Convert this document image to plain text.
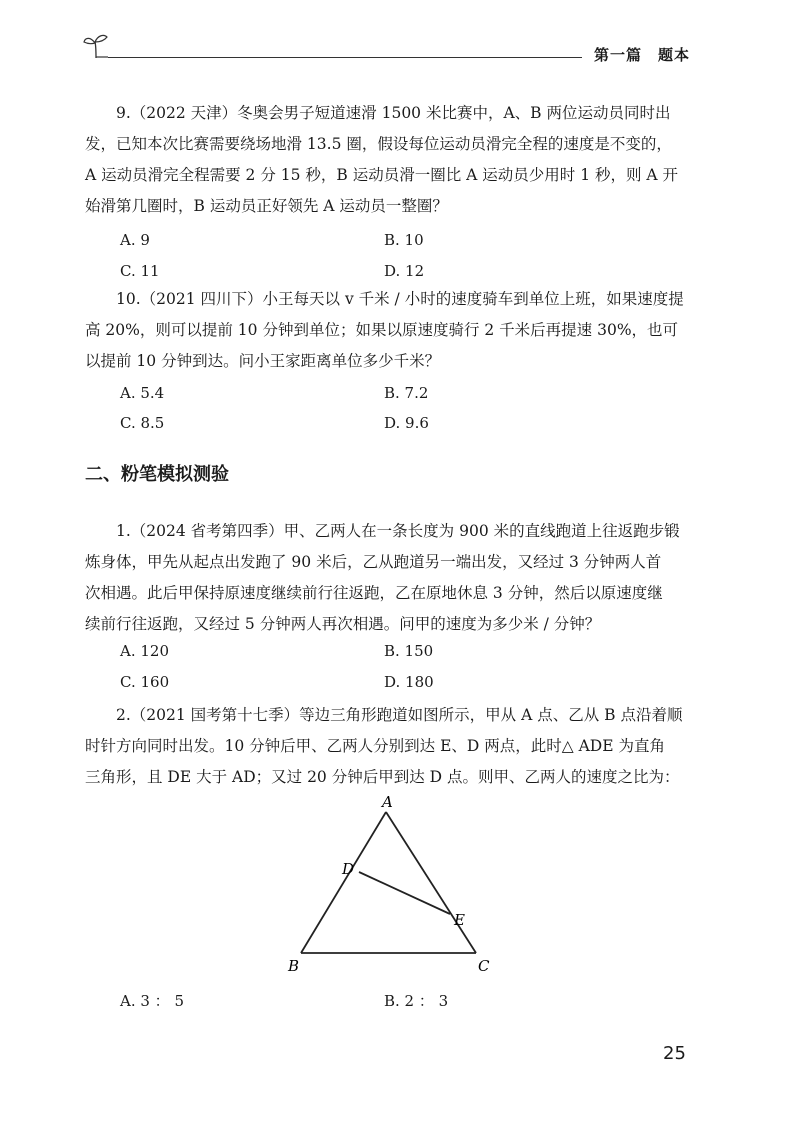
第一篇　题本
9.（2022 天津）冬奥会男子短道速滑 1500 米比赛中，A、B 两位运动员同时出
发，已知本次比赛需要绕场地滑 13.5 圈，假设每位运动员滑完全程的速度是不变的，
A 运动员滑完全程需要 2 分 15 秒，B 运动员滑一圈比 A 运动员少用时 1 秒，则 A 开
始滑第几圈时，B 运动员正好领先 A 运动员一整圈？
A. 9	B. 10
C. 11	D. 12
10.（2021 四川下）小王每天以 v 千米 / 小时的速度骑车到单位上班，如果速度提
高 20%，则可以提前 10 分钟到单位；如果以原速度骑行 2 千米后再提速 30%，也可
以提前 10 分钟到达。问小王家距离单位多少千米？
A. 5.4	B. 7.2
C. 8.5	D. 9.6
二、粉笔模拟测验
1.（2024 省考第四季）甲、乙两人在一条长度为 900 米的直线跑道上往返跑步锻
炼身体，甲先从起点出发跑了 90 米后，乙从跑道另一端出发，又经过 3 分钟两人首
次相遇。此后甲保持原速度继续前行往返跑，乙在原地休息 3 分钟，然后以原速度继
续前行往返跑，又经过 5 分钟两人再次相遇。问甲的速度为多少米 / 分钟？
A. 120	B. 150
C. 160	D. 180
2.（2021 国考第十七季）等边三角形跑道如图所示，甲从 A 点、乙从 B 点沿着顺
时针方向同时出发。10 分钟后甲、乙两人分别到达 E、D 两点，此时△ ADE 为直角
三角形，且 DE 大于 AD；又过 20 分钟后甲到达 D 点。则甲、乙两人的速度之比为：
A
D
E
B	C
A. 3 ： 5	B. 2 ： 3
25
